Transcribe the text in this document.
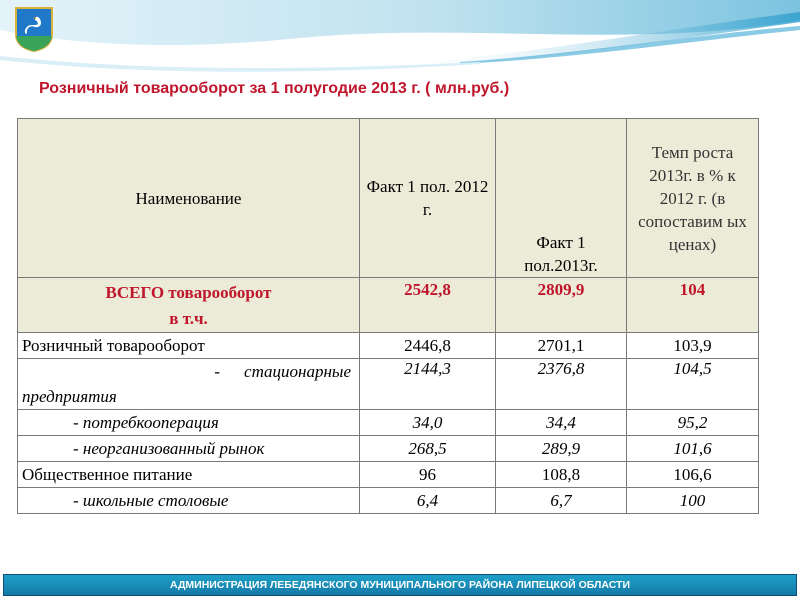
Розничный товарооборот за 1 полугодие 2013 г. ( млн.руб.)
Наименование	Факт 1 пол. 2012 г.	Факт 1 пол.2013г.	Темп роста 2013г. в % к 2012 г. (в сопоставим ых ценах)
ВСЕГО товарооборот
в т.ч.	2542,8	2809,9	104
Розничный товарооборот	2446,8	2701,1	103,9

- стационарные
предприятия	2144,3	2376,8	104,5
- потребкооперация	34,0	34,4	95,2
- неорганизованный рынок	268,5	289,9	101,6
Общественное питание	96	108,8	106,6
- школьные столовые	6,4	6,7	100
АДМИНИСТРАЦИЯ ЛЕБЕДЯНСКОГО МУНИЦИПАЛЬНОГО РАЙОНА ЛИПЕЦКОЙ ОБЛАСТИ
